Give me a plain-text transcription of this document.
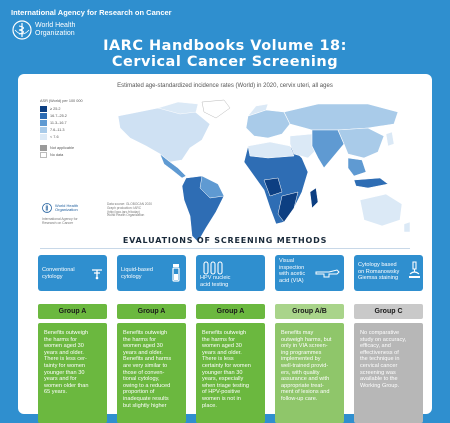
International Agency for Research on Cancer
World Health
Organization
IARC Handbooks Volume 18:
Cervical Cancer Screening
Estimated age-standardized incidence rates (World) in 2020, cervix uteri, all ages
ASR (World) per 100 000
≥ 25.2
16.7–25.2
11.3–16.7
7.6–11.3
< 7.6
Not applicable
No data
World Health
Organization
International Agency for
Research on Cancer
Data source: GLOBOCAN 2020
Graph production: IARC
(http://gco.iarc.fr/today)
World Health Organization
EVALUATIONS OF SCREENING METHODS
Conventional
cytology
Liquid-based
cytology	HPV nucleic
acid testing
Visual
inspection
with acetic
acid (VIA)
Cytology based
on Romanowsky
Giemsa staining
Group A	Group A	Group A	Group A/B	Group C
Benefits outweigh
the harms for
women aged 30
years and older.
There is less cer-
tainty for women
younger than 30
years and for
women older than
65 years.
Benefits outweigh
the harms for
women aged 30
years and older.
Benefits and harms
are very similar to
those of conven-
tional cytology,
owing to a reduced
proportion of
inadequate results
but slightly higher
Benefits outweigh
the harms for
women aged 30
years and older.
There is less
certainty for women
younger than 30
years, especially
when triage testing
of HPV-positive
women is not in
place.
Benefits may
outweigh harms, but
only in VIA screen-
ing programmes
implemented by
well-trained provid-
ers, with quality
assurance and with
appropriate treat-
ment of lesions and
follow-up care.
No comparative
study on accuracy,
efficacy, and
effectiveness of
the technique in
cervical cancer
screening was
available to the
Working Group.
